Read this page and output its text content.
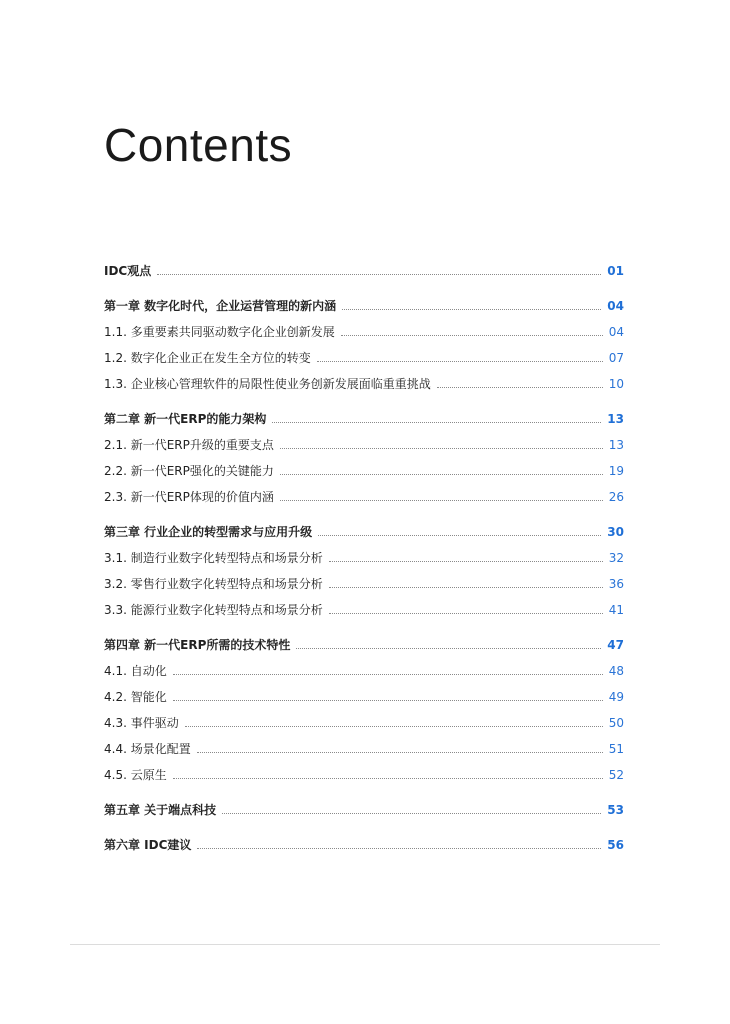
Contents
IDC观点	01
第一章 数字化时代，企业运营管理的新内涵	04
1.1. 多重要素共同驱动数字化企业创新发展	04
1.2. 数字化企业正在发生全方位的转变	07
1.3. 企业核心管理软件的局限性使业务创新发展面临重重挑战	10
第二章 新一代ERP的能力架构	13
2.1. 新一代ERP升级的重要支点	13
2.2. 新一代ERP强化的关键能力	19
2.3. 新一代ERP体现的价值内涵	26
第三章 行业企业的转型需求与应用升级	30
3.1. 制造行业数字化转型特点和场景分析	32
3.2. 零售行业数字化转型特点和场景分析	36
3.3. 能源行业数字化转型特点和场景分析	41
第四章 新一代ERP所需的技术特性	47
4.1. 自动化	48
4.2. 智能化	49
4.3. 事件驱动	50
4.4. 场景化配置	51
4.5. 云原生	52
第五章 关于端点科技	53
第六章 IDC建议	56
